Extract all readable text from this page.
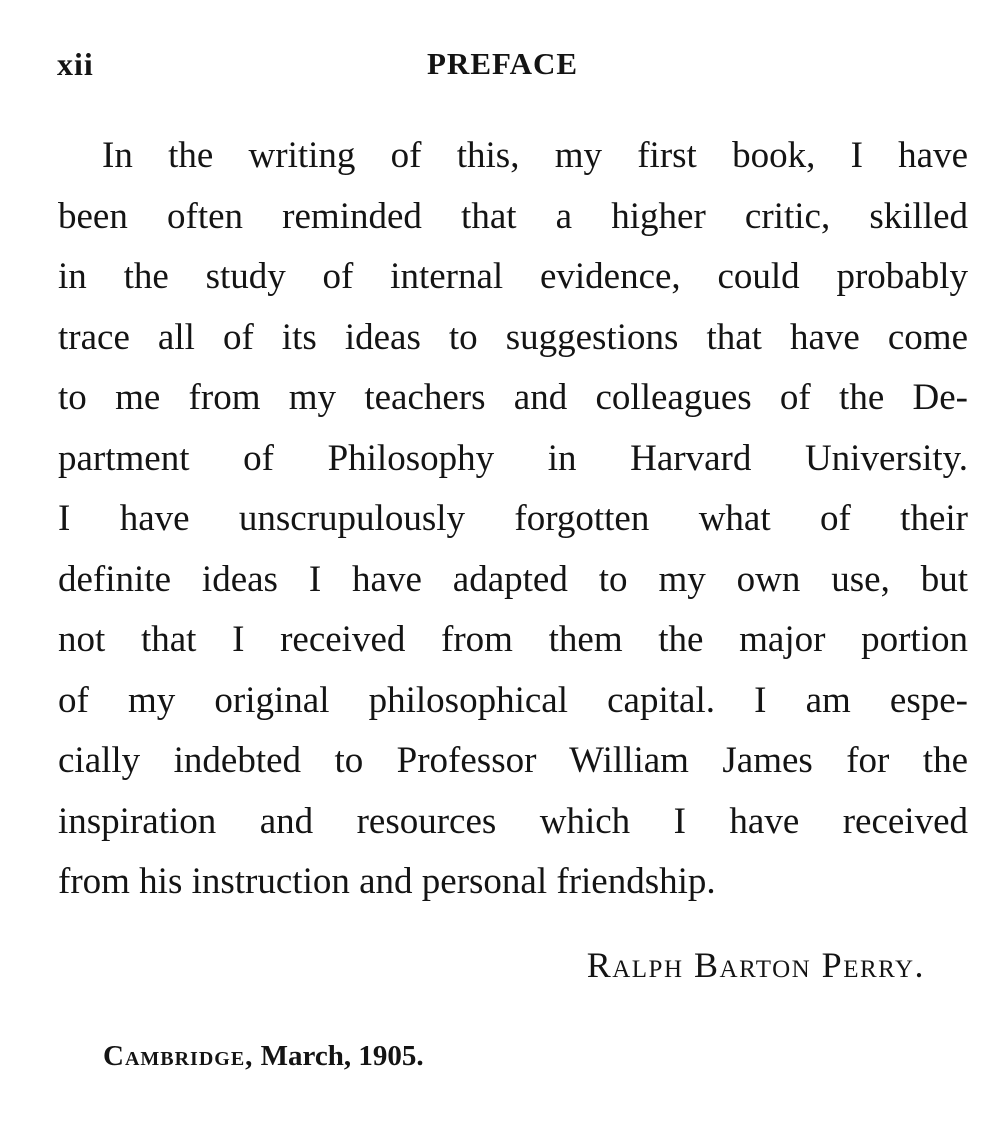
xii	PREFACE
In the writing of this, my first book, I have
been often reminded that a higher critic, skilled
in the study of internal evidence, could probably
trace all of its ideas to suggestions that have come
to me from my teachers and colleagues of the De-
partment of Philosophy in Harvard University.
I have unscrupulously forgotten what of their
definite ideas I have adapted to my own use, but
not that I received from them the major portion
of my original philosophical capital. I am espe-
cially indebted to Professor William James for the
inspiration and resources which I have received
from his instruction and personal friendship.
Ralph Barton Perry.
Cambridge, March, 1905.
